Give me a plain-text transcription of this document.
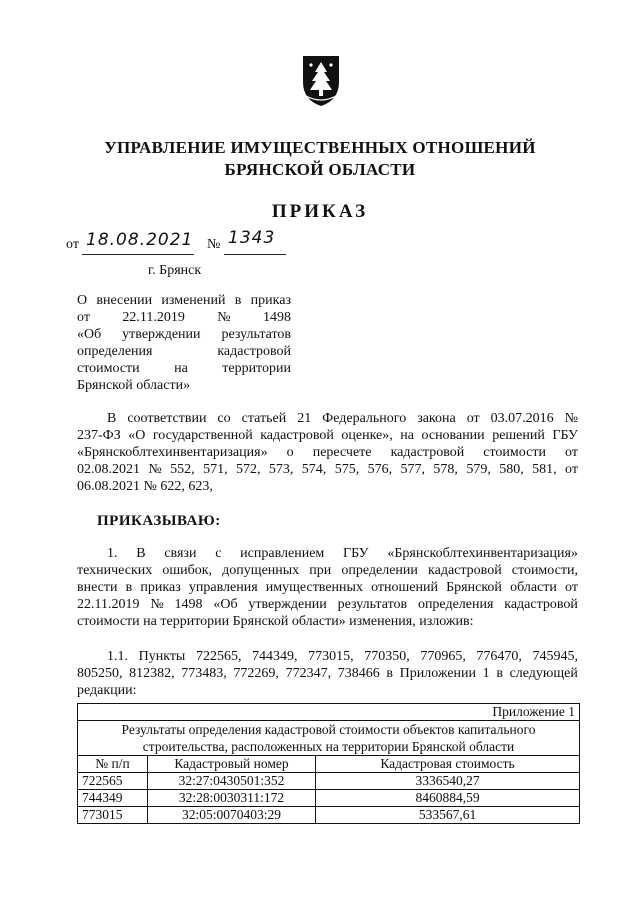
УПРАВЛЕНИЕ ИМУЩЕСТВЕННЫХ ОТНОШЕНИЙ
БРЯНСКОЙ ОБЛАСТИ
ПРИКАЗ
от 18.08.2021 № 1343
г. Брянск
О внесении изменений в приказ
от 22.11.2019 № 1498
«Об утверждении результатов
определения	кадастровой
стоимости на территории
Брянской области»
В соответствии со статьей 21 Федерального закона от 03.07.2016 №
237-ФЗ «О государственной кадастровой оценке», на основании решений ГБУ
«Брянскоблтехинвентаризация» о пересчете кадастровой стоимости от
02.08.2021 № 552, 571, 572, 573, 574, 575, 576, 577, 578, 579, 580, 581, от
06.08.2021 № 622, 623,
ПРИКАЗЫВАЮ:
1. В связи с исправлением ГБУ «Брянскоблтехинвентаризация»
технических ошибок, допущенных при определении кадастровой стоимости,
внести в приказ управления имущественных отношений Брянской области от
22.11.2019 № 1498 «Об утверждении результатов определения кадастровой
стоимости на территории Брянской области» изменения, изложив:
1.1. Пункты 722565, 744349, 773015, 770350, 770965, 776470, 745945,
805250, 812382, 773483, 772269, 772347, 738466 в Приложении 1 в следующей
редакции:
Приложение 1		
Результаты определения кадастровой стоимости объектов капитального строительства, расположенных на территории Брянской области		
№ п/п	Кадастровый номер	Кадастровая стоимость
722565	32:27:0430501:352	3336540,27
744349	32:28:0030311:172	8460884,59
773015	32:05:0070403:29	533567,61
